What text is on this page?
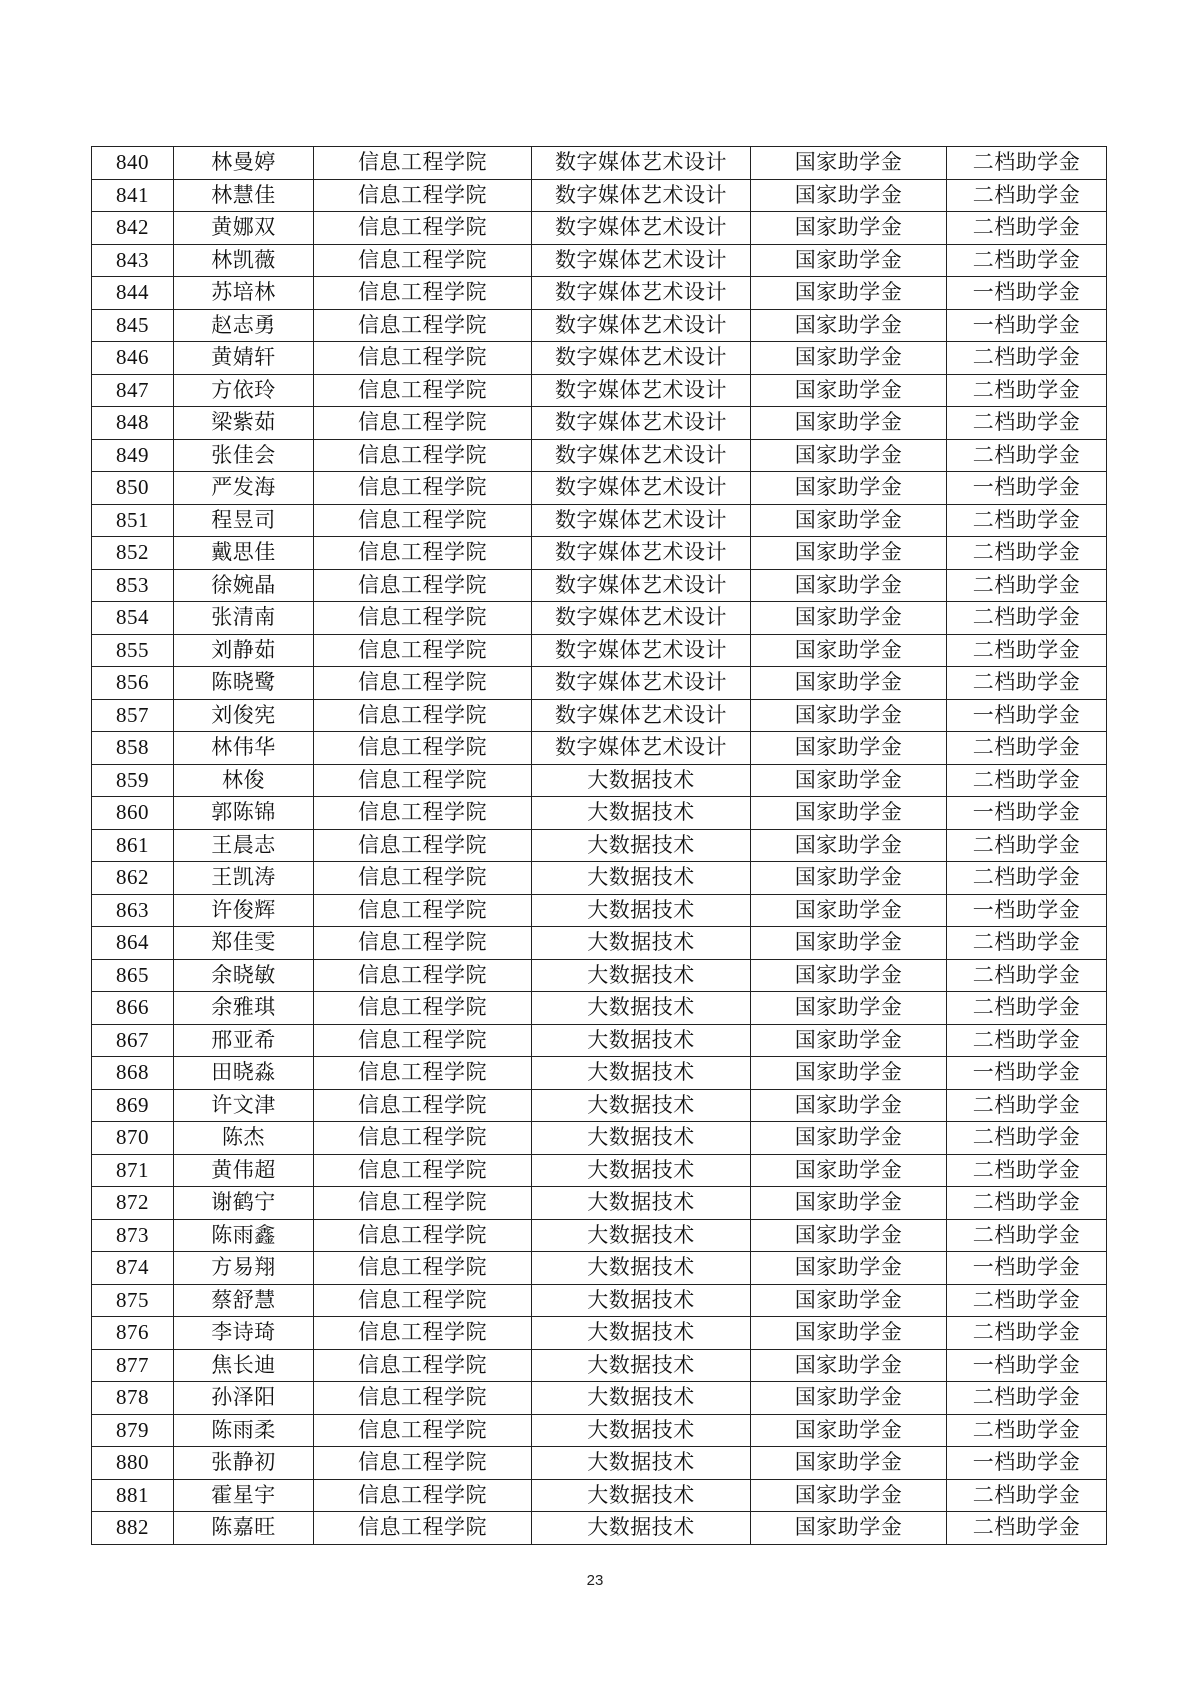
840	林曼婷	信息工程学院	数字媒体艺术设计	国家助学金	二档助学金
841	林慧佳	信息工程学院	数字媒体艺术设计	国家助学金	二档助学金
842	黄娜双	信息工程学院	数字媒体艺术设计	国家助学金	二档助学金
843	林凯薇	信息工程学院	数字媒体艺术设计	国家助学金	二档助学金
844	苏培林	信息工程学院	数字媒体艺术设计	国家助学金	一档助学金
845	赵志勇	信息工程学院	数字媒体艺术设计	国家助学金	一档助学金
846	黄婧轩	信息工程学院	数字媒体艺术设计	国家助学金	二档助学金
847	方依玲	信息工程学院	数字媒体艺术设计	国家助学金	二档助学金
848	梁紫茹	信息工程学院	数字媒体艺术设计	国家助学金	二档助学金
849	张佳会	信息工程学院	数字媒体艺术设计	国家助学金	二档助学金
850	严发海	信息工程学院	数字媒体艺术设计	国家助学金	一档助学金
851	程昱司	信息工程学院	数字媒体艺术设计	国家助学金	二档助学金
852	戴思佳	信息工程学院	数字媒体艺术设计	国家助学金	二档助学金
853	徐婉晶	信息工程学院	数字媒体艺术设计	国家助学金	二档助学金
854	张清南	信息工程学院	数字媒体艺术设计	国家助学金	二档助学金
855	刘静茹	信息工程学院	数字媒体艺术设计	国家助学金	二档助学金
856	陈晓鹭	信息工程学院	数字媒体艺术设计	国家助学金	二档助学金
857	刘俊宪	信息工程学院	数字媒体艺术设计	国家助学金	一档助学金
858	林伟华	信息工程学院	数字媒体艺术设计	国家助学金	二档助学金
859	林俊	信息工程学院	大数据技术	国家助学金	二档助学金
860	郭陈锦	信息工程学院	大数据技术	国家助学金	一档助学金
861	王晨志	信息工程学院	大数据技术	国家助学金	二档助学金
862	王凯涛	信息工程学院	大数据技术	国家助学金	二档助学金
863	许俊辉	信息工程学院	大数据技术	国家助学金	一档助学金
864	郑佳雯	信息工程学院	大数据技术	国家助学金	二档助学金
865	余晓敏	信息工程学院	大数据技术	国家助学金	二档助学金
866	余雅琪	信息工程学院	大数据技术	国家助学金	二档助学金
867	邢亚希	信息工程学院	大数据技术	国家助学金	二档助学金
868	田晓淼	信息工程学院	大数据技术	国家助学金	一档助学金
869	许文津	信息工程学院	大数据技术	国家助学金	二档助学金
870	陈杰	信息工程学院	大数据技术	国家助学金	二档助学金
871	黄伟超	信息工程学院	大数据技术	国家助学金	二档助学金
872	谢鹤宁	信息工程学院	大数据技术	国家助学金	二档助学金
873	陈雨鑫	信息工程学院	大数据技术	国家助学金	二档助学金
874	方易翔	信息工程学院	大数据技术	国家助学金	一档助学金
875	蔡舒慧	信息工程学院	大数据技术	国家助学金	二档助学金
876	李诗琦	信息工程学院	大数据技术	国家助学金	二档助学金
877	焦长迪	信息工程学院	大数据技术	国家助学金	一档助学金
878	孙泽阳	信息工程学院	大数据技术	国家助学金	二档助学金
879	陈雨柔	信息工程学院	大数据技术	国家助学金	二档助学金
880	张静初	信息工程学院	大数据技术	国家助学金	一档助学金
881	霍星宇	信息工程学院	大数据技术	国家助学金	二档助学金
882	陈嘉旺	信息工程学院	大数据技术	国家助学金	二档助学金
23
